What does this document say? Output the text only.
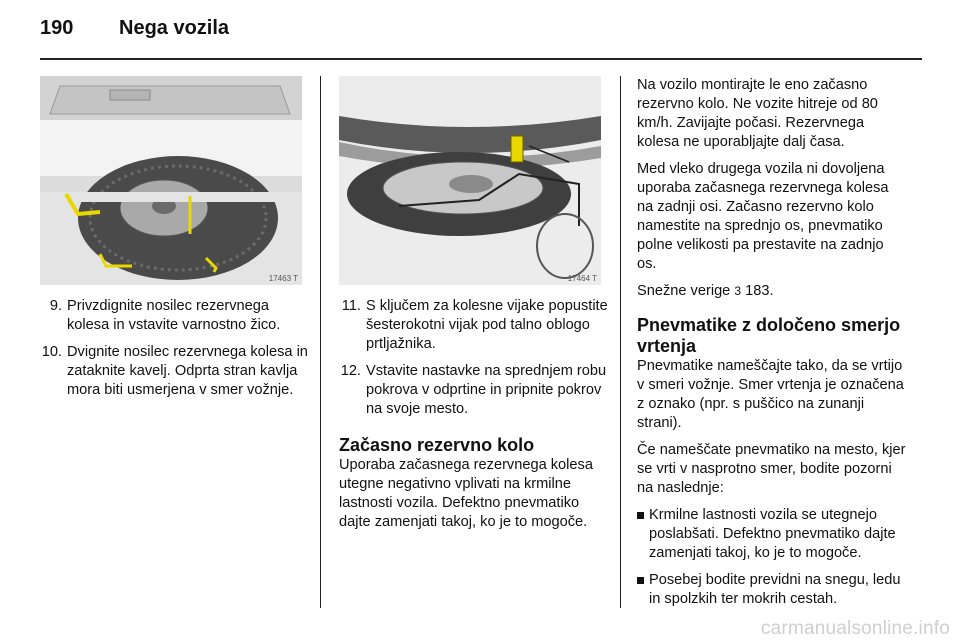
190 Nega vozila
17463 T	17464 T
9. Privzdignite nosilec rezervnega kolesa in vstavite varnostno žico.
10. Dvignite nosilec rezervnega kolesa in zataknite kavelj. Odprta stran kavlja mora biti usmerjena v smer vožnje.
11. S ključem za kolesne vijake popustite šesterokotni vijak pod talno oblogo prtljažnika.
12. Vstavite nastavke na sprednjem robu pokrova v odprtine in pripnite pokrov na svoje mesto.
Začasno rezervno kolo
Uporaba začasnega rezervnega kolesa utegne negativno vplivati na krmilne lastnosti vozila. Defektno pnevmatiko dajte zamenjati takoj, ko je to mogoče.
Na vozilo montirajte le eno začasno rezervno kolo. Ne vozite hitreje od 80 km/h. Zavijajte počasi. Rezervnega kolesa ne uporabljajte dalj časa.
Med vleko drugega vozila ni dovoljena uporaba začasnega rezervnega kolesa na zadnji osi. Začasno rezervno kolo namestite na sprednjo os, pnevmatiko polne velikosti pa prestavite na zadnjo os.
Snežne verige 3 183.
Pnevmatike z določeno smerjo vrtenja
Pnevmatike nameščajte tako, da se vrtijo v smeri vožnje. Smer vrtenja je označena z oznako (npr. s puščico na zunanji strani).
Če nameščate pnevmatiko na mesto, kjer se vrti v nasprotno smer, bodite pozorni na naslednje:
Krmilne lastnosti vozila se utegnejo poslabšati. Defektno pnevmatiko dajte zamenjati takoj, ko je to mogoče.
Posebej bodite previdni na snegu, ledu in spolzkih ter mokrih cestah.
carmanualsonline.info
